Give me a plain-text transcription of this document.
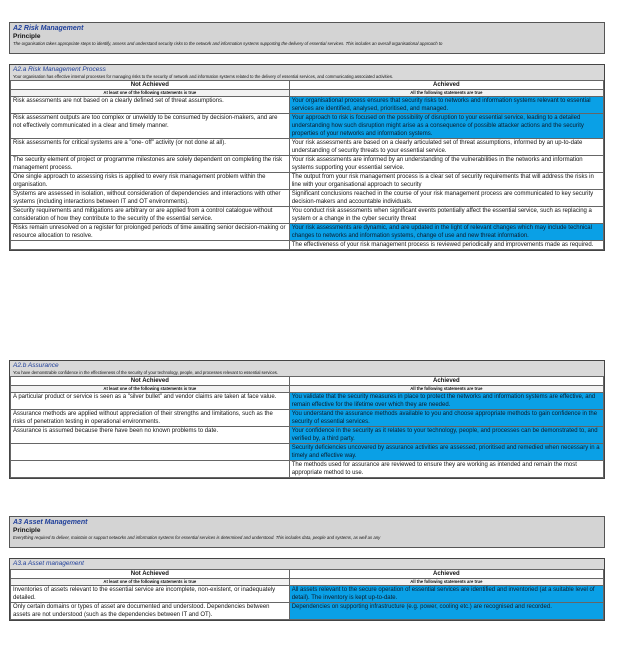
A2 Risk Management
Principle
The organisation takes appropriate steps to identify, assess and understand security risks to the network and information systems supporting the delivery of essential services. This includes an overall organisational approach to
A2.a Risk Management Process
Your organisation has effective internal processes for managing risks to the security of network and information systems related to the delivery of essential services, and communicating associated activities.
Not Achieved	Achieved
At least one of the following statements is true	All the following statements are true
Risk assessments are not based on a clearly defined set of threat assumptions.	Your organisational process ensures that security risks to networks and information systems relevant to essential services are identified, analysed, prioritised, and managed.
Risk assessment outputs are too complex or unwieldy to be consumed by decision-makers, and are not effectively communicated in a clear and timely manner.	Your approach to risk is focused on the possibility of disruption to your essential service, leading to a detailed understanding how such disruption might arise as a consequence of possible attacker actions and the security properties of your networks and information systems.
Risk assessments for critical systems are a "one- off" activity (or not done at all).	Your risk assessments are based on a clearly articulated set of threat assumptions, informed by an up-to-date understanding of security threats to your essential service.
The security element of project or programme milestones are solely dependent on completing the risk management process.	Your risk assessments are informed by an understanding of the vulnerabilities in the networks and information systems supporting your essential service.
One single approach to assessing risks is applied to every risk management problem within the organisation.	The output from your risk management process is a clear set of security requirements that will address the risks in line with your organisational approach to security
Systems are assessed in isolation, without consideration of dependencies and interactions with other systems (including interactions between IT and OT environments).	Significant conclusions reached in the course of your risk management process are communicated to key security decision-makers and accountable individuals.
Security requirements and mitigations are arbitrary or are applied from a control catalogue without consideration of how they contribute to the security of the essential service.	You conduct risk assessments when significant events potentially affect the essential service, such as replacing a system or a change in the cyber security threat
Risks remain unresolved on a register for prolonged periods of time awaiting senior decision-making or resource allocation to resolve.	Your risk assessments are dynamic, and are updated in the light of relevant changes which may include technical changes to networks and information systems, change of use and new threat information.
	The effectiveness of your risk management process is reviewed periodically and improvements made as required.
A2.b Assurance
You have demonstrable confidence in the effectiveness of the security of your technology, people, and processes relevant to essential services.
Not Achieved	Achieved
At least one of the following statements is true	All the following statements are true
A particular product or service is seen as a "silver bullet" and vendor claims are taken at face value.	You validate that the security measures in place to protect the networks and information systems are effective, and remain effective for the lifetime over which they are needed.
Assurance methods are applied without appreciation of their strengths and limitations, such as the risks of penetration testing in operational environments.	You understand the assurance methods available to you and choose appropriate methods to gain confidence in the security of essential services.
Assurance is assumed because there have been no known problems to date.	Your confidence in the security as it relates to your technology, people, and processes can be demonstrated to, and verified by, a third party.
	Security deficiencies uncovered by assurance activities are assessed, prioritised and remedied when necessary in a timely and effective way.
	The methods used for assurance are reviewed to ensure they are working as intended and remain the most appropriate method to use.
A3 Asset Management
Principle
Everything required to deliver, maintain or support networks and information systems for essential services is determined and understood. This includes data, people and systems, as well as any
A3.a Asset management
Not Achieved	Achieved
At least one of the following statements is true	All the following statements are true
Inventories of assets relevant to the essential service are incomplete, non-existent, or inadequately detailed.	All assets relevant to the secure operation of essential services are identified and inventoried (at a suitable level of detail). The inventory is kept up-to-date.
Only certain domains or types of asset are documented and understood. Dependencies between assets are not understood (such as the dependencies between IT and OT).	Dependencies on supporting infrastructure (e.g. power, cooling etc.) are recognised and recorded.
